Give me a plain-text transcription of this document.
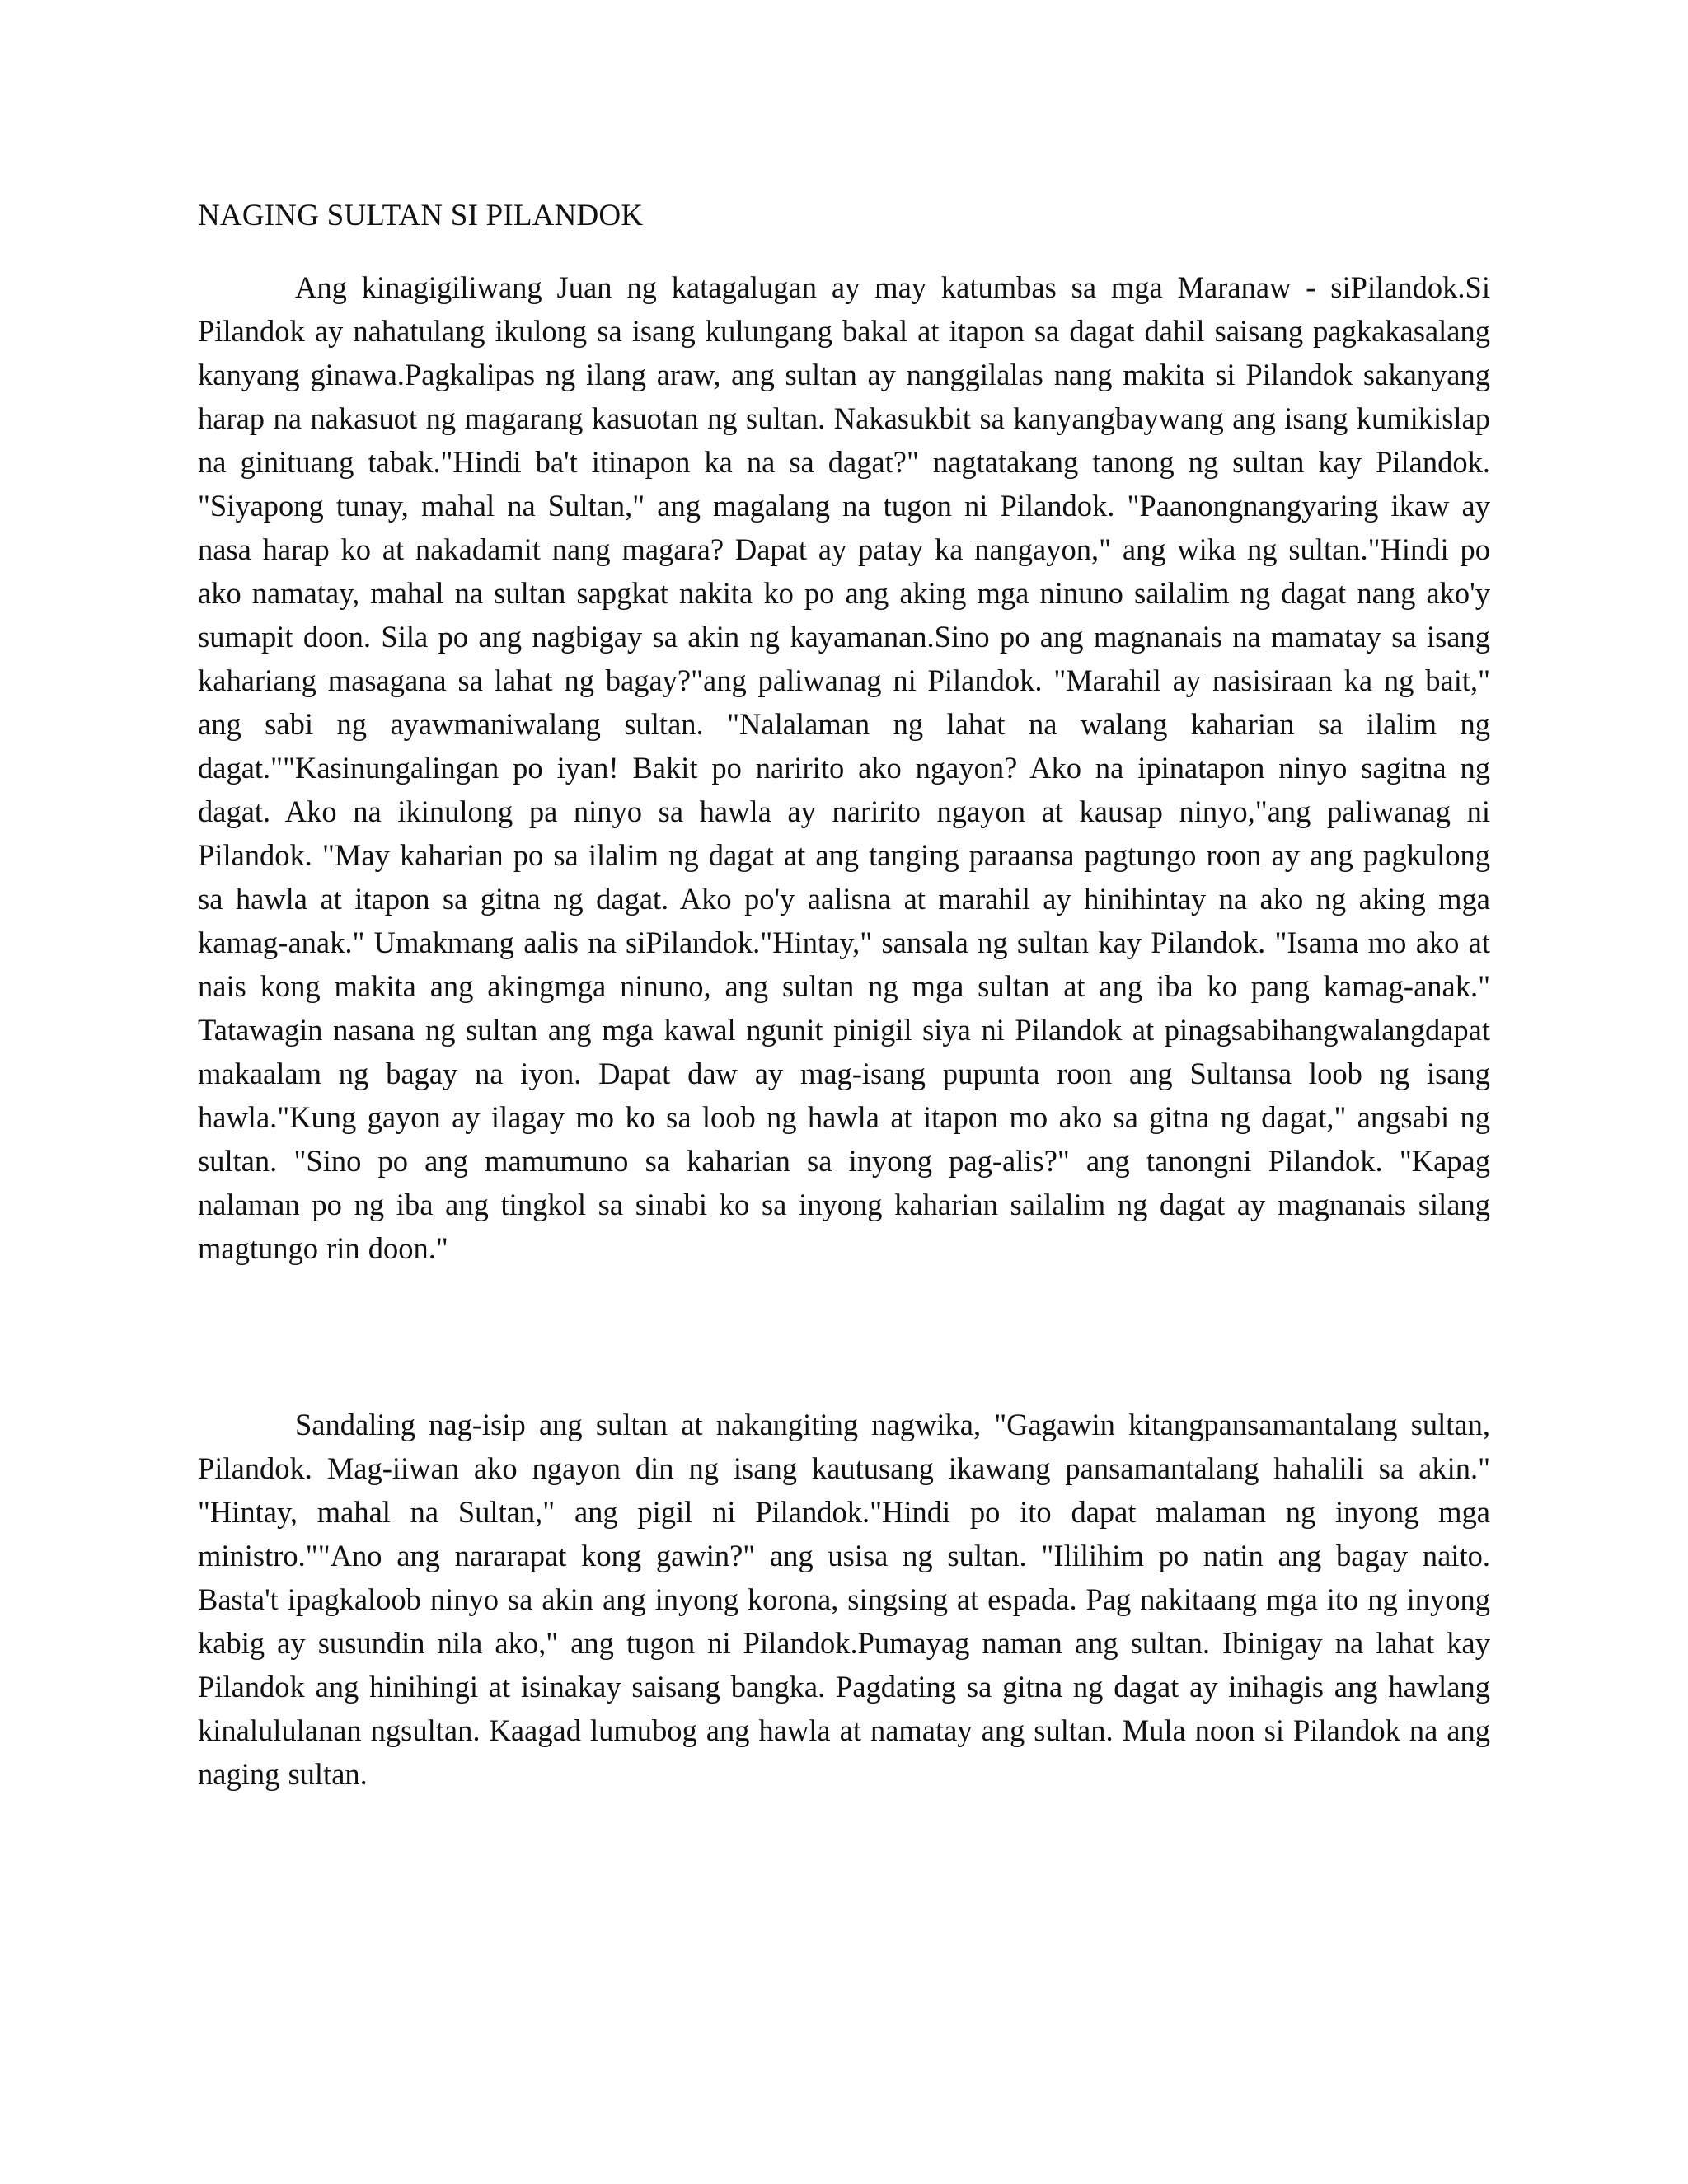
NAGING SULTAN SI PILANDOK

Ang kinagigiliwang Juan ng katagalugan ay may katumbas sa mga Maranaw - siPilandok.Si Pilandok ay nahatulang ikulong sa isang kulungang bakal at itapon sa dagat dahil saisang pagkakasalang kanyang ginawa.Pagkalipas ng ilang araw, ang sultan ay nanggilalas nang makita si Pilandok sakanyang harap na nakasuot ng magarang kasuotan ng sultan. Nakasukbit sa kanyangbaywang ang isang kumikislap na ginituang tabak."Hindi ba't itinapon ka na sa dagat?" nagtatakang tanong ng sultan kay Pilandok. "Siyapong tunay, mahal na Sultan," ang magalang na tugon ni Pilandok. "Paanongnangyaring ikaw ay nasa harap ko at nakadamit nang magara? Dapat ay patay ka nangayon," ang wika ng sultan."Hindi po ako namatay, mahal na sultan sapgkat nakita ko po ang aking mga ninuno sailalim ng dagat nang ako'y sumapit doon. Sila po ang nagbigay sa akin ng kayamanan.Sino po ang magnanais na mamatay sa isang kahariang masagana sa lahat ng bagay?"ang paliwanag ni Pilandok. "Marahil ay nasisiraan ka ng bait," ang sabi ng ayawmaniwalang sultan. "Nalalaman ng lahat na walang kaharian sa ilalim ng dagat.""Kasinungalingan po iyan! Bakit po naririto ako ngayon? Ako na ipinatapon ninyo sagitna ng dagat. Ako na ikinulong pa ninyo sa hawla ay naririto ngayon at kausap ninyo,"ang paliwanag ni Pilandok. "May kaharian po sa ilalim ng dagat at ang tanging paraansa pagtungo roon ay ang pagkulong sa hawla at itapon sa gitna ng dagat. Ako po'y aalisna at marahil ay hinihintay na ako ng aking mga kamag-anak." Umakmang aalis na siPilandok."Hintay," sansala ng sultan kay Pilandok. "Isama mo ako at nais kong makita ang akingmga ninuno, ang sultan ng mga sultan at ang iba ko pang kamag-anak." Tatawagin nasana ng sultan ang mga kawal ngunit pinigil siya ni Pilandok at pinagsabihangwalangdapat makaalam ng bagay na iyon. Dapat daw ay mag-isang pupunta roon ang Sultansa loob ng isang hawla."Kung gayon ay ilagay mo ko sa loob ng hawla at itapon mo ako sa gitna ng dagat," angsabi ng sultan. "Sino po ang mamumuno sa kaharian sa inyong pag-alis?" ang tanongni Pilandok. "Kapag nalaman po ng iba ang tingkol sa sinabi ko sa inyong kaharian sailalim ng dagat ay magnanais silang magtungo rin doon."

Sandaling nag-isip ang sultan at nakangiting nagwika, "Gagawin kitangpansamantalang sultan, Pilandok. Mag-iiwan ako ngayon din ng isang kautusang ikawang pansamantalang hahalili sa akin." "Hintay, mahal na Sultan," ang pigil ni Pilandok."Hindi po ito dapat malaman ng inyong mga ministro.""Ano ang nararapat kong gawin?" ang usisa ng sultan. "Ililihim po natin ang bagay naito. Basta't ipagkaloob ninyo sa akin ang inyong korona, singsing at espada. Pag nakitaang mga ito ng inyong kabig ay susundin nila ako," ang tugon ni Pilandok.Pumayag naman ang sultan. Ibinigay na lahat kay Pilandok ang hinihingi at isinakay saisang bangka. Pagdating sa gitna ng dagat ay inihagis ang hawlang kinalululanan ngsultan. Kaagad lumubog ang hawla at namatay ang sultan. Mula noon si Pilandok na ang naging sultan.
